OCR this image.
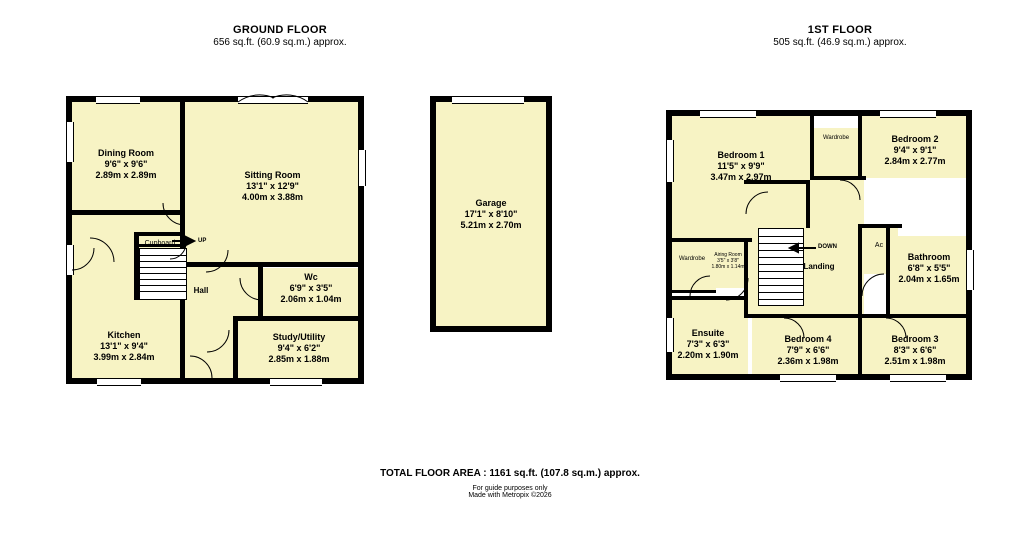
GROUND FLOOR
656 sq.ft. (60.9 sq.m.) approx.
UP
Dining Room
9'6" x 9'6"
2.89m x 2.89m	Sitting Room
13'1" x 12'9"
4.00m x 3.88m
Kitchen
13'1" x 9'4"
3.99m x 2.84m
Wc
6'9" x 3'5"
2.06m x 1.04m
Study/Utility
9'4" x 6'2"
2.85m x 1.88m
Cupboard
Hall
Garage
17'1" x 8'10"
5.21m x 2.70m
1ST FLOOR
505 sq.ft. (46.9 sq.m.) approx.
DOWN
Bedroom 1
11'5" x 9'9"
3.47m x 2.97m
Bedroom 2
9'4" x 9'1"
2.84m x 2.77m
Bathroom
6'8" x 5'5"
2.04m x 1.65m
Ensuite
7'3" x 6'3"
2.20m x 1.90m
Bedroom 4
7'9" x 6'6"
2.36m x 1.98m
Bedroom 3
8'3" x 6'6"
2.51m x 1.98m
Wardrobe
Wardrobe
Ac
Landing
Airing Room
3'5" x 3'8"
1.80m x 1.14m
TOTAL FLOOR AREA : 1161 sq.ft. (107.8 sq.m.) approx.
For guide purposes only
Made with Metropix ©2026
